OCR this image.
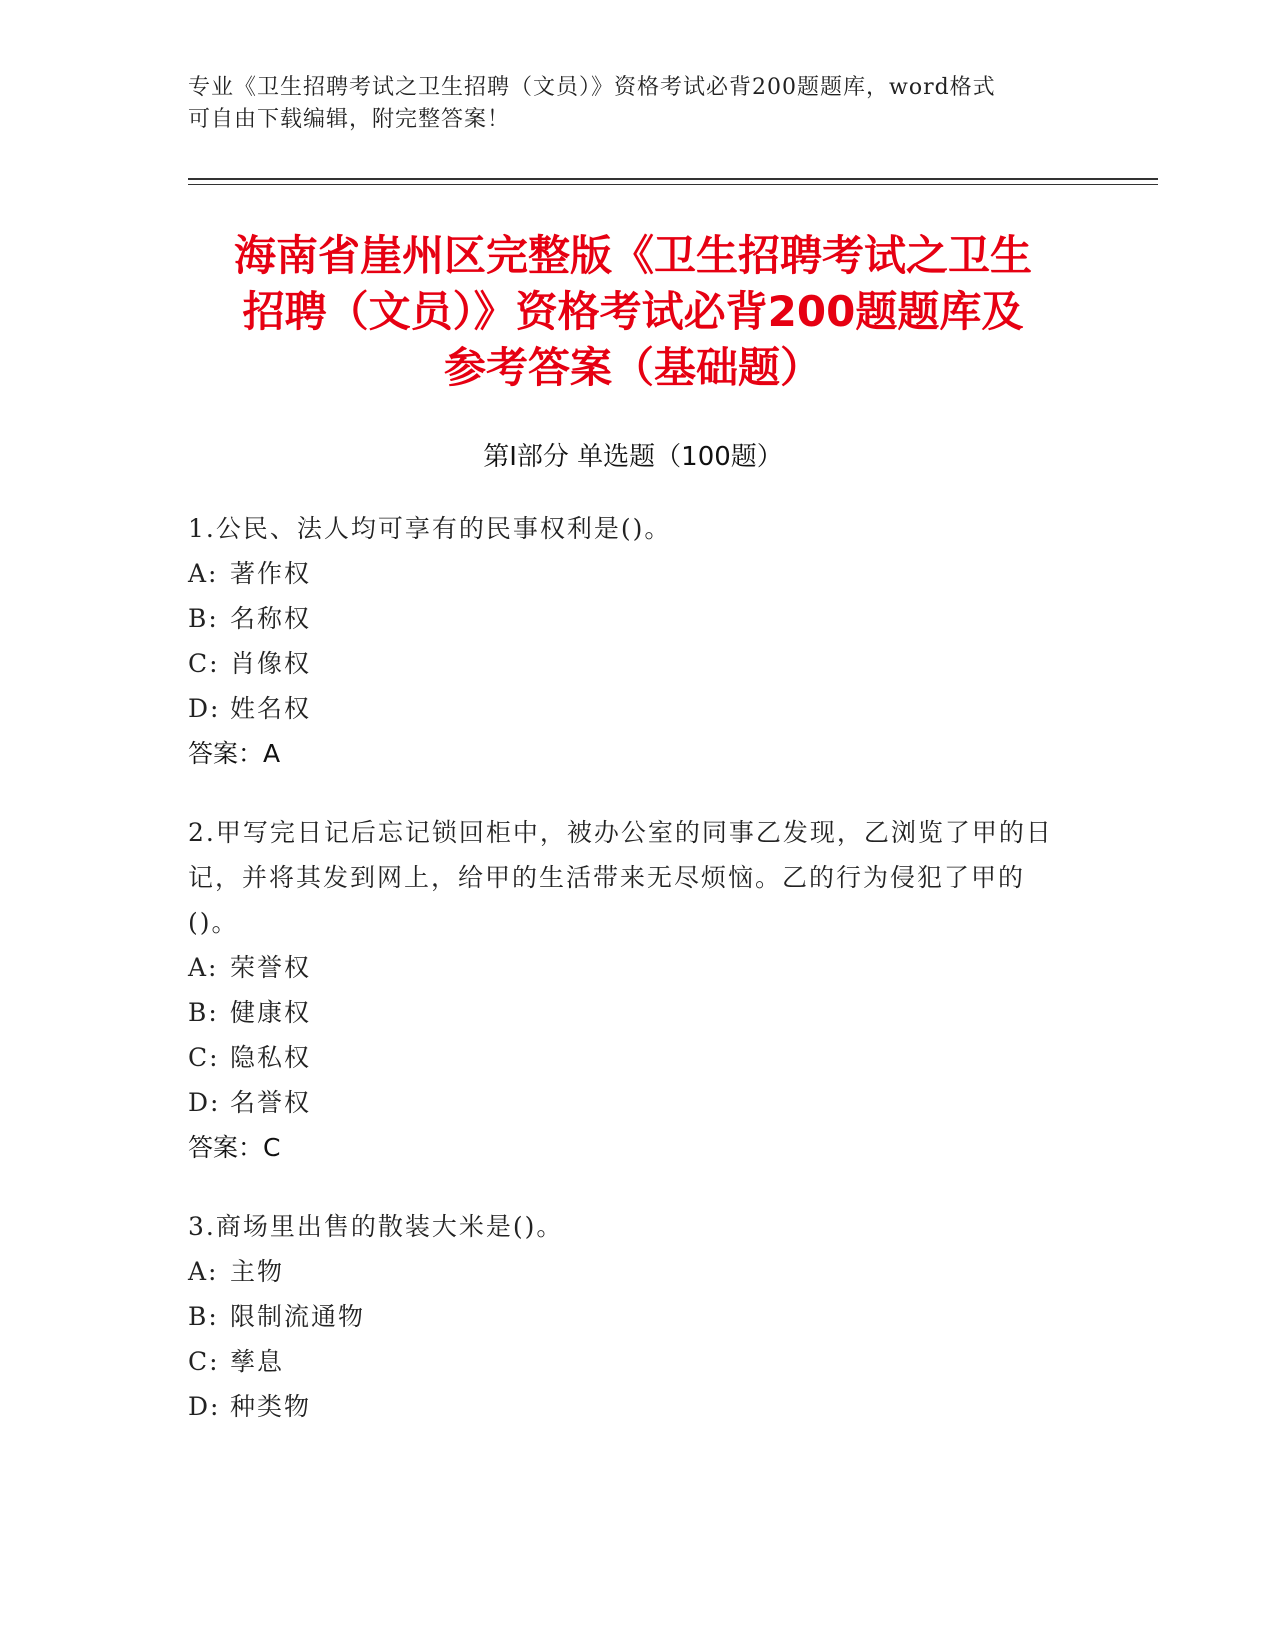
专业《卫生招聘考试之卫生招聘（文员）》资格考试必背200题题库，word格式
可自由下载编辑，附完整答案！
海南省崖州区完整版《卫生招聘考试之卫生
招聘（文员）》资格考试必背200题题库及
参考答案（基础题）
第Ⅰ部分 单选题（100题）
1.公民、法人均可享有的民事权利是()。
A: 著作权
B: 名称权
C: 肖像权
D: 姓名权
答案：A
2.甲写完日记后忘记锁回柜中，被办公室的同事乙发现，乙浏览了甲的日记，并将其发到网上，给甲的生活带来无尽烦恼。乙的行为侵犯了甲的()。
A: 荣誉权
B: 健康权
C: 隐私权
D: 名誉权
答案：C
3.商场里出售的散装大米是()。
A: 主物
B: 限制流通物
C: 孳息
D: 种类物
